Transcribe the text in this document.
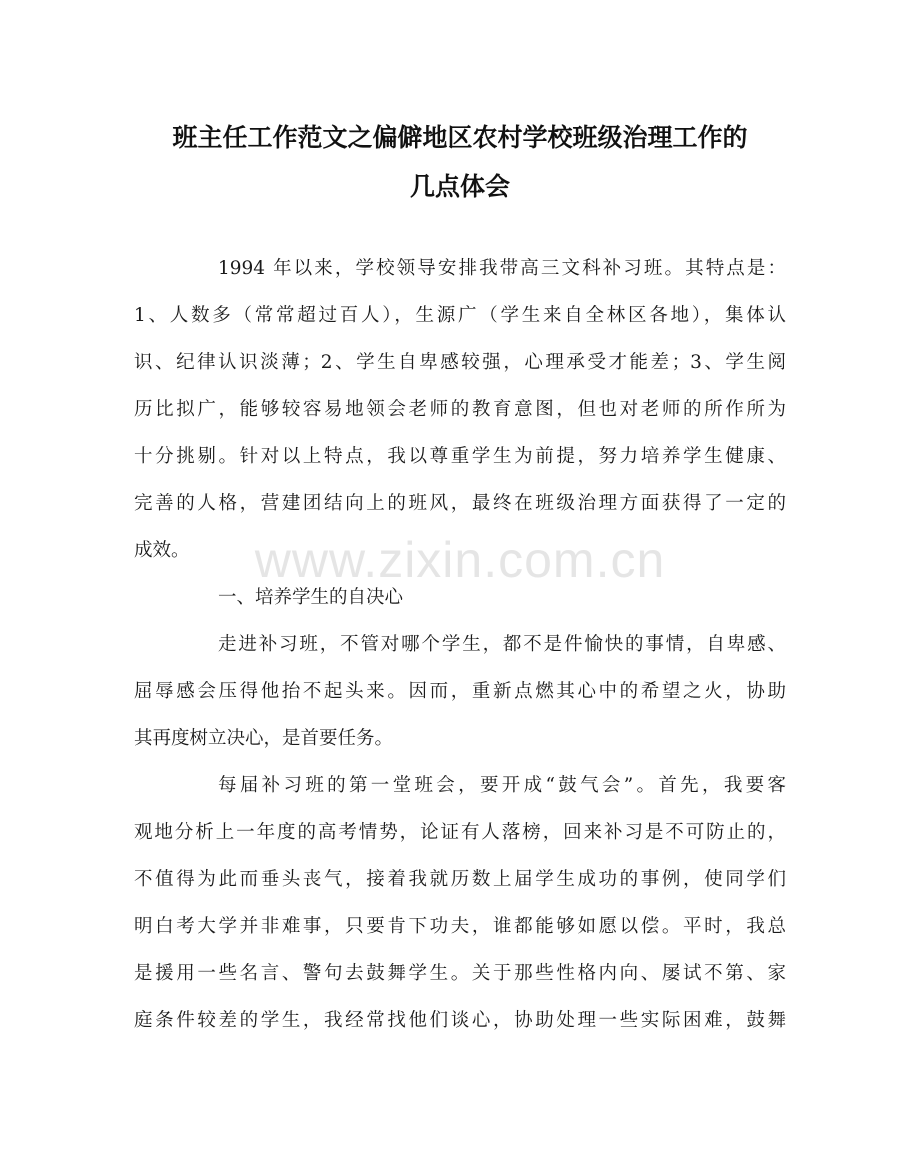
班主任工作范文之偏僻地区农村学校班级治理工作的
几点体会
1994 年以来，学校领导安排我带高三文科补习班。其特点是：
1、人数多（常常超过百人），生源广（学生来自全林区各地），集体认
识、纪律认识淡薄；2、学生自卑感较强，心理承受才能差；3、学生阅
历比拟广，能够较容易地领会老师的教育意图，但也对老师的所作所为
十分挑剔。针对以上特点，我以尊重学生为前提，努力培养学生健康、
完善的人格，营建团结向上的班风，最终在班级治理方面获得了一定的
成效。
一、培养学生的自决心
走进补习班，不管对哪个学生，都不是件愉快的事情，自卑感、
屈辱感会压得他抬不起头来。因而，重新点燃其心中的希望之火，协助
其再度树立决心，是首要任务。
每届补习班的第一堂班会，要开成“鼓气会”。首先，我要客
观地分析上一年度的高考情势，论证有人落榜，回来补习是不可防止的，
不值得为此而垂头丧气，接着我就历数上届学生成功的事例，使同学们
明白考大学并非难事，只要肯下功夫，谁都能够如愿以偿。平时，我总
是援用一些名言、警句去鼓舞学生。关于那些性格内向、屡试不第、家
庭条件较差的学生，我经常找他们谈心，协助处理一些实际困难，鼓舞
www.zixin.com.cn
